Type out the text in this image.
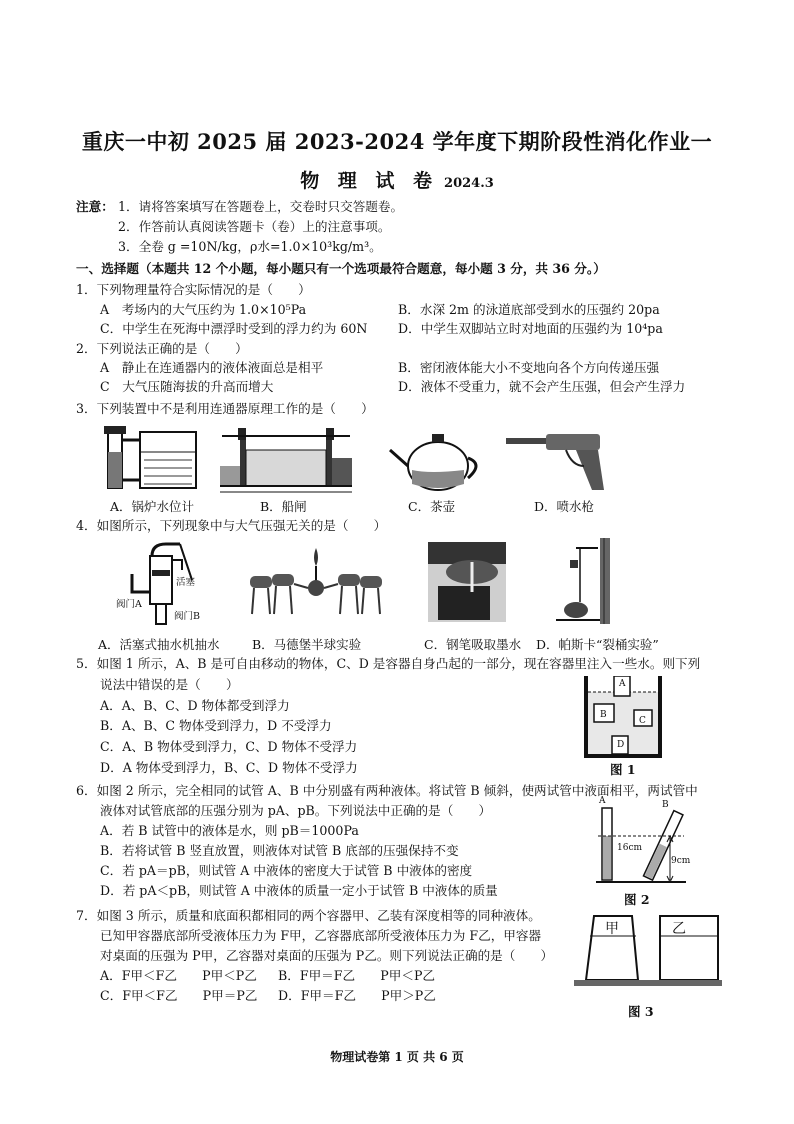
重庆一中初 2025 届 2023-2024 学年度下期阶段性消化作业一
物 理 试 卷 2024.3
注意： 1．请将答案填写在答题卷上，交卷时只交答题卷。
2．作答前认真阅读答题卡（卷）上的注意事项。
3．全卷 g =10N/kg，ρ水=1.0×10³kg/m³。
一、选择题（本题共 12 个小题，每小题只有一个选项最符合题意，每小题 3 分，共 36 分。）
1．下列物理量符合实际情况的是（　　）
A　考场内的大气压约为 1.0×10⁵Pa	B．水深 2m 的泳道底部受到水的压强约 20pa
C．中学生在死海中漂浮时受到的浮力约为 60N D．中学生双脚站立时对地面的压强约为 10⁴pa
2．下列说法正确的是（　　）
A　静止在连通器内的液体液面总是相平	B．密闭液体能大小不变地向各个方向传递压强
C　大气压随海拔的升高而增大	D．液体不受重力，就不会产生压强，但会产生浮力
3．下列装置中不是利用连通器原理工作的是（　　）
A．锅炉水位计	B．船闸	C．茶壶	D．喷水枪
4．如图所示，下列现象中与大气压强无关的是（　　）
活塞
阀门A
阀门B
A．活塞式抽水机抽水	B．马德堡半球实验	C．钢笔吸取墨水 D．帕斯卡“裂桶实验”
5．如图 1 所示，A、B 是可自由移动的物体，C、D 是容器自身凸起的一部分，现在容器里注入一些水。则下列
说法中错误的是（　　）
A．A、B、C、D 物体都受到浮力
B．A、B、C 物体受到浮力，D 不受浮力
C．A、B 物体受到浮力，C、D 物体不受浮力
D．A 物体受到浮力，B、C、D 物体不受浮力
A
B
C
D
图 1
6．如图 2 所示，完全相同的试管 A、B 中分别盛有两种液体。将试管 B 倾斜，使两试管中液面相平，两试管中
液体对试管底部的压强分别为 pA、pB。下列说法中正确的是（　　）
A．若 B 试管中的液体是水，则 pB＝1000Pa
B．若将试管 B 竖直放置，则液体对试管 B 底部的压强保持不变
C．若 pA＝pB，则试管 A 中液体的密度大于试管 B 中液体的密度
D．若 pA＜pB，则试管 A 中液体的质量一定小于试管 B 中液体的质量
A	B
16cm
9cm
图 2
7．如图 3 所示，质量和底面积都相同的两个容器甲、乙装有深度相等的同种液体。
已知甲容器底部所受液体压力为 F甲，乙容器底部所受液体压力为 F乙，甲容器
对桌面的压强为 P甲，乙容器对桌面的压强为 P乙。则下列说法正确的是（　　）
A．F甲＜F乙　　P甲＜P乙 B．F甲＝F乙　　P甲＜P乙
C．F甲＜F乙　　P甲＝P乙 D．F甲＝F乙　　P甲＞P乙
甲	乙
图 3
物理试卷第 1 页 共 6 页
